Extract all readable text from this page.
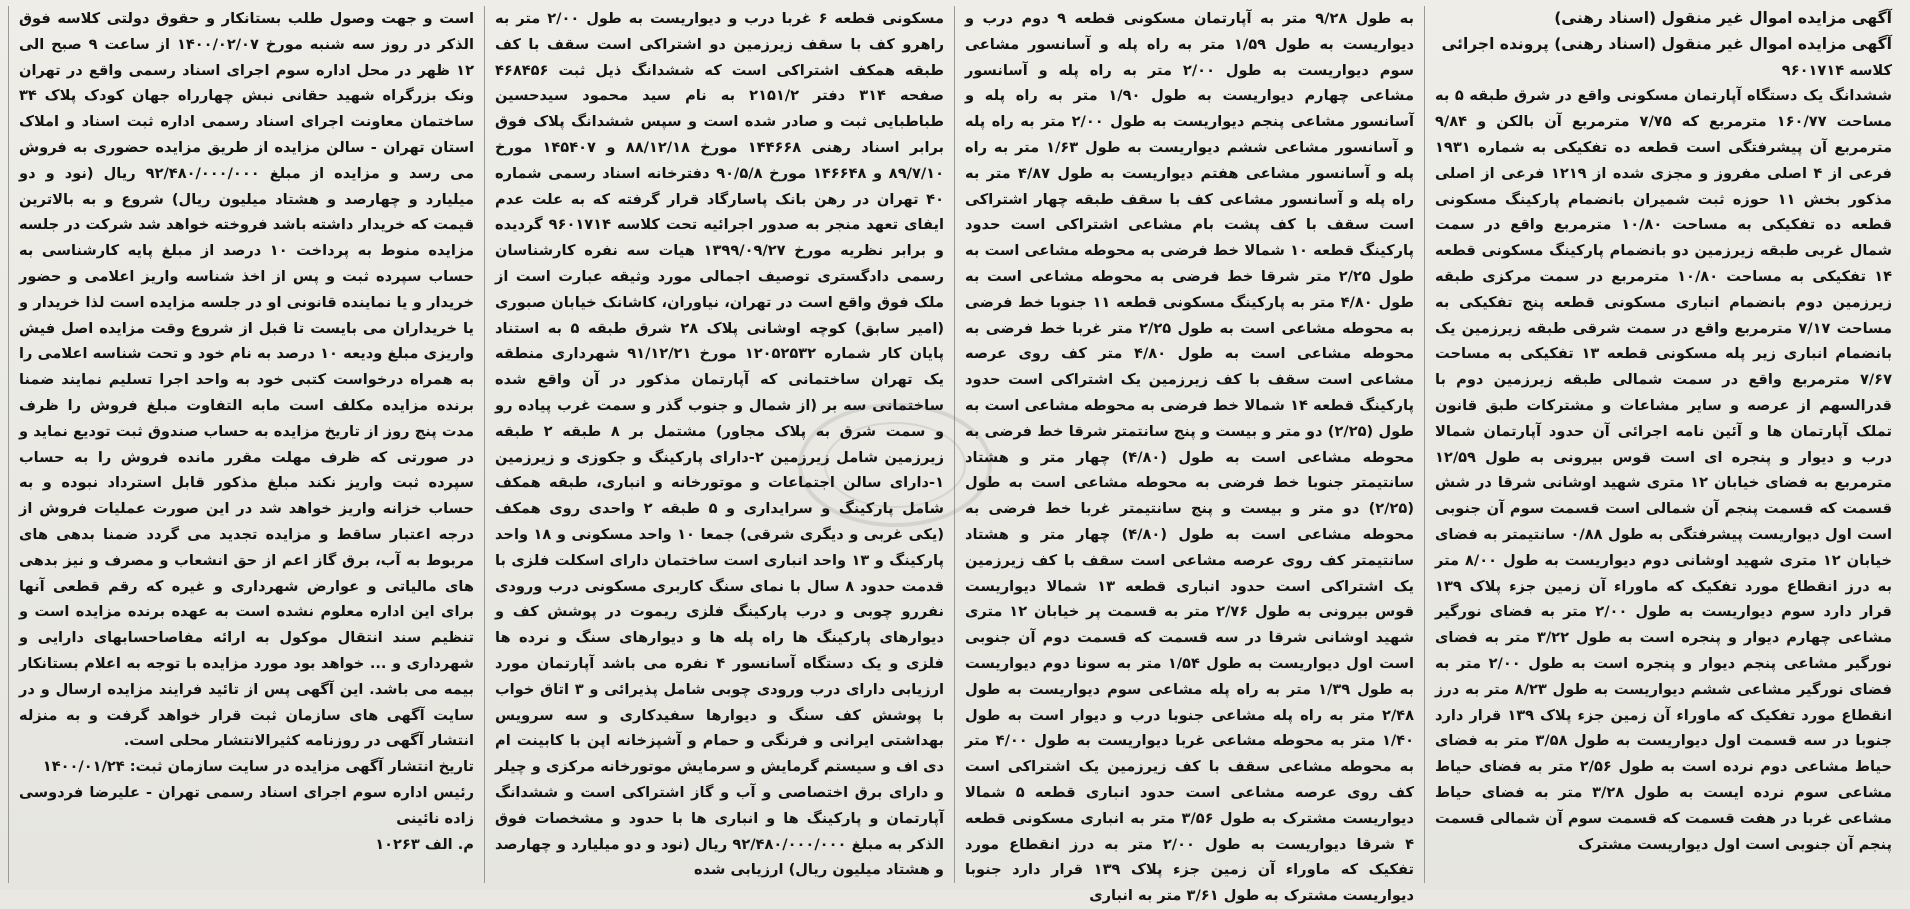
آگهی مزایده اموال غیر منقول (اسناد رهنی)

آگهی مزایده اموال غیر منقول (اسناد رهنی) پرونده اجرائی

کلاسه ۹۶۰۱۷۱۴

ششدانگ یک دستگاه آپارتمان مسکونی واقع در شرق طبقه ۵ به مساحت ۱۶۰/۷۷ مترمربع که ۷/۷۵ مترمربع آن بالکن و ۹/۸۴ مترمربع آن پیشرفتگی است قطعه ده تفکیکی به شماره ۱۹۳۱ فرعی از ۴ اصلی مفروز و مجزی شده از ۱۲۱۹ فرعی از اصلی مذکور بخش ۱۱ حوزه ثبت شمیران بانضمام پارکینگ مسکونی قطعه ده تفکیکی به مساحت ۱۰/۸۰ مترمربع واقع در سمت شمال غربی طبقه زیرزمین دو بانضمام پارکینگ مسکونی قطعه ۱۴ تفکیکی به مساحت ۱۰/۸۰ مترمربع در سمت مرکزی طبقه زیرزمین دوم بانضمام انباری مسکونی قطعه پنج تفکیکی به مساحت ۷/۱۷ مترمربع واقع در سمت شرقی طبقه زیرزمین یک بانضمام انباری زیر پله مسکونی قطعه ۱۳ تفکیکی به مساحت ۷/۶۷ مترمربع واقع در سمت شمالی طبقه زیرزمین دوم با قدرالسهم از عرصه و سایر مشاعات و مشترکات طبق قانون تملک آپارتمان ها و آئین نامه اجرائی آن حدود آپارتمان شمالا درب و دیوار و پنجره ای است قوس بیرونی به طول ۱۲/۵۹ مترمربع به فضای خیابان ۱۲ متری شهید اوشانی شرقا در شش قسمت که قسمت پنجم آن شمالی است قسمت سوم آن جنوبی است اول دیواریست پیشرفتگی به طول ۰/۸۸ سانتیمتر به فضای خیابان ۱۲ متری شهید اوشانی دوم دیواریست به طول ۸/۰۰ متر به درز انقطاع مورد تفکیک که ماوراء آن زمین جزء پلاک ۱۳۹ قرار دارد سوم دیواریست به طول ۲/۰۰ متر به فضای نورگیر مشاعی چهارم دیوار و پنجره است به طول ۳/۲۲ متر به فضای نورگیر مشاعی پنجم دیوار و پنجره است به طول ۲/۰۰ متر به فضای نورگیر مشاعی ششم دیواریست به طول ۸/۲۳ متر به درز انقطاع مورد تفکیک که ماوراء آن زمین جزء پلاک ۱۳۹ قرار دارد جنوبا در سه قسمت اول دیواریست به طول ۳/۵۸ متر به فضای حیاط مشاعی دوم نرده است به طول ۲/۵۶ متر به فضای حیاط مشاعی سوم نرده ایست به طول ۳/۲۸ متر به فضای حیاط مشاعی غربا در هفت قسمت که قسمت سوم آن شمالی قسمت پنجم آن جنوبی است اول دیواریست مشترک

به طول ۹/۲۸ متر به آپارتمان مسکونی قطعه ۹ دوم درب و دیواریست به طول ۱/۵۹ متر به راه پله و آسانسور مشاعی سوم دیواریست به طول ۲/۰۰ متر به راه پله و آسانسور مشاعی چهارم دیواریست به طول ۱/۹۰ متر به راه پله و آسانسور مشاعی پنجم دیواریست به طول ۲/۰۰ متر به راه پله و آسانسور مشاعی ششم دیواریست به طول ۱/۶۳ متر به راه پله و آسانسور مشاعی هفتم دیواریست به طول ۴/۸۷ متر به راه پله و آسانسور مشاعی کف با سقف طبقه چهار اشتراکی است سقف با کف پشت بام مشاعی اشتراکی است حدود پارکینگ قطعه ۱۰ شمالا خط فرضی به محوطه مشاعی است به طول ۲/۲۵ متر شرقا خط فرضی به محوطه مشاعی است به طول ۴/۸۰ متر به پارکینگ مسکونی قطعه ۱۱ جنوبا خط فرضی به محوطه مشاعی است به طول ۲/۲۵ متر غربا خط فرضی به محوطه مشاعی است به طول ۴/۸۰ متر کف روی عرصه مشاعی است سقف با کف زیرزمین یک اشتراکی است حدود پارکینگ قطعه ۱۴ شمالا خط فرضی به محوطه مشاعی است به طول (۲/۲۵) دو متر و بیست و پنج سانتمتر شرقا خط فرضی به محوطه مشاعی است به طول (۴/۸۰) چهار متر و هشتاد سانتیمتر جنوبا خط فرضی به محوطه مشاعی است به طول (۲/۲۵) دو متر و بیست و پنج سانتیمتر غربا خط فرضی به محوطه مشاعی است به طول (۴/۸۰) چهار متر و هشتاد سانتیمتر کف روی عرصه مشاعی است سقف با کف زیرزمین یک اشتراکی است حدود انباری قطعه ۱۳ شمالا دیواریست قوس بیرونی به طول ۲/۷۶ متر به قسمت پر خیابان ۱۲ متری شهید اوشانی شرقا در سه قسمت که قسمت دوم آن جنوبی است اول دیواریست به طول ۱/۵۴ متر به سونا دوم دیواریست به طول ۱/۳۹ متر به راه پله مشاعی سوم دیواریست به طول ۲/۴۸ متر به راه پله مشاعی جنوبا درب و دیوار است به طول ۱/۴۰ متر به محوطه مشاعی غربا دیواریست به طول ۴/۰۰ متر به محوطه مشاعی سقف با کف زیرزمین یک اشتراکی است کف روی عرصه مشاعی است حدود انباری قطعه ۵ شمالا دیواریست مشترک به طول ۳/۵۶ متر به انباری مسکونی قطعه ۴ شرقا دیواریست به طول ۲/۰۰ متر به درز انقطاع مورد تفکیک که ماوراء آن زمین جزء پلاک ۱۳۹ قرار دارد جنوبا دیواریست مشترک به طول ۳/۶۱ متر به انباری

مسکونی قطعه ۶ غربا درب و دیواریست به طول ۲/۰۰ متر به راهرو کف با سقف زیرزمین دو اشتراکی است سقف با کف طبقه همکف اشتراکی است که ششدانگ ذیل ثبت ۴۶۸۴۵۶ صفحه ۳۱۴ دفتر ۲۱۵۱/۲ به نام سید محمود سیدحسین طباطبایی ثبت و صادر شده است و سپس ششدانگ پلاک فوق برابر اسناد رهنی ۱۴۴۶۶۸ مورخ ۸۸/۱۲/۱۸ و ۱۴۵۴۰۷ مورخ ۸۹/۷/۱۰ و ۱۴۶۶۴۸ مورخ ۹۰/۵/۸ دفترخانه اسناد رسمی شماره ۴۰ تهران در رهن بانک پاسارگاد قرار گرفته که به علت عدم ایفای تعهد منجر به صدور اجرائیه تحت کلاسه ۹۶۰۱۷۱۴ گردیده و برابر نظریه مورخ ۱۳۹۹/۰۹/۲۷ هیات سه نفره کارشناسان رسمی دادگستری توصیف اجمالی مورد وثیقه عبارت است از ملک فوق واقع است در تهران، نیاوران، کاشانک خیابان صبوری (امیر سابق) کوچه اوشانی پلاک ۲۸ شرق طبقه ۵ به استناد پایان کار شماره ۱۲۰۵۲۵۳۲ مورخ ۹۱/۱۲/۲۱ شهرداری منطقه یک تهران ساختمانی که آپارتمان مذکور در آن واقع شده ساختمانی سه بر (از شمال و جنوب گذر و سمت غرب پیاده رو و سمت شرق به پلاک مجاور) مشتمل بر ۸ طبقه ۲ طبقه زیرزمین شامل زیرزمین ۲-دارای پارکینگ و جکوزی و زیرزمین ۱-دارای سالن اجتماعات و موتورخانه و انباری، طبقه همکف شامل پارکینگ و سرایداری و ۵ طبقه ۲ واحدی روی همکف (یکی غربی و دیگری شرقی) جمعا ۱۰ واحد مسکونی و ۱۸ واحد پارکینگ و ۱۳ واحد انباری است ساختمان دارای اسکلت فلزی با قدمت حدود ۸ سال با نمای سنگ کاربری مسکونی درب ورودی نفررو چوبی و درب پارکینگ فلزی ریموت در پوشش کف و دیوارهای پارکینگ ها راه پله ها و دیوارهای سنگ و نرده ها فلزی و یک دستگاه آسانسور ۴ نفره می باشد آپارتمان مورد ارزیابی دارای درب ورودی چوبی شامل پذیرائی و ۳ اتاق خواب با پوشش کف سنگ و دیوارها سفیدکاری و سه سرویس بهداشتی ایرانی و فرنگی و حمام و آشپزخانه اپن با کابینت ام دی اف و سیستم گرمایش و سرمایش موتورخانه مرکزی و چیلر و دارای برق اختصاصی و آب و گاز اشتراکی است و ششدانگ آپارتمان و پارکینگ ها و انباری ها با حدود و مشخصات فوق الذکر به مبلغ ۹۲/۴۸۰/۰۰۰/۰۰۰ ریال (نود و دو میلیارد و چهارصد و هشتاد میلیون ریال) ارزیابی شده

است و جهت وصول طلب بستانکار و حقوق دولتی کلاسه فوق الذکر در روز سه شنبه مورخ ۱۴۰۰/۰۲/۰۷ از ساعت ۹ صبح الی ۱۲ ظهر در محل اداره سوم اجرای اسناد رسمی واقع در تهران ونک بزرگراه شهید حقانی نبش چهارراه جهان کودک پلاک ۳۴ ساختمان معاونت اجرای اسناد رسمی اداره ثبت اسناد و املاک استان تهران - سالن مزایده از طریق مزایده حضوری به فروش می رسد و مزایده از مبلغ ۹۲/۴۸۰/۰۰۰/۰۰۰ ریال (نود و دو میلیارد و چهارصد و هشتاد میلیون ریال) شروع و به بالاترین قیمت که خریدار داشته باشد فروخته خواهد شد شرکت در جلسه مزایده منوط به پرداخت ۱۰ درصد از مبلغ پایه کارشناسی به حساب سپرده ثبت و پس از اخذ شناسه واریز اعلامی و حضور خریدار و یا نماینده قانونی او در جلسه مزایده است لذا خریدار و یا خریداران می بایست تا قبل از شروع وقت مزایده اصل فیش واریزی مبلغ ودیعه ۱۰ درصد به نام خود و تحت شناسه اعلامی را به همراه درخواست کتبی خود به واحد اجرا تسلیم نمایند ضمنا برنده مزایده مکلف است مابه التفاوت مبلغ فروش را ظرف مدت پنج روز از تاریخ مزایده به حساب صندوق ثبت تودیع نماید و در صورتی که ظرف مهلت مقرر مانده فروش را به حساب سپرده ثبت واریز نکند مبلغ مذکور قابل استرداد نبوده و به حساب خزانه واریز خواهد شد در این صورت عملیات فروش از درجه اعتبار ساقط و مزایده تجدید می گردد ضمنا بدهی های مربوط به آب، برق گاز اعم از حق انشعاب و مصرف و نیز بدهی های مالیاتی و عوارض شهرداری و غیره که رقم قطعی آنها برای این اداره معلوم نشده است به عهده برنده مزایده است و تنظیم سند انتقال موکول به ارائه مفاصاحسابهای دارایی و شهرداری و ... خواهد بود مورد مزایده با توجه به اعلام بستانکار بیمه می باشد. این آگهی پس از تائید فرایند مزایده ارسال و در سایت آگهی های سازمان ثبت قرار خواهد گرفت و به منزله انتشار آگهی در روزنامه کثیرالانتشار محلی است.

تاریخ انتشار آگهی مزایده در سایت سازمان ثبت: ۱۴۰۰/۰۱/۲۴

رئیس اداره سوم اجرای اسناد رسمی تهران - علیرضا فردوسی زاده نائینی

م. الف ۱۰۲۶۳
